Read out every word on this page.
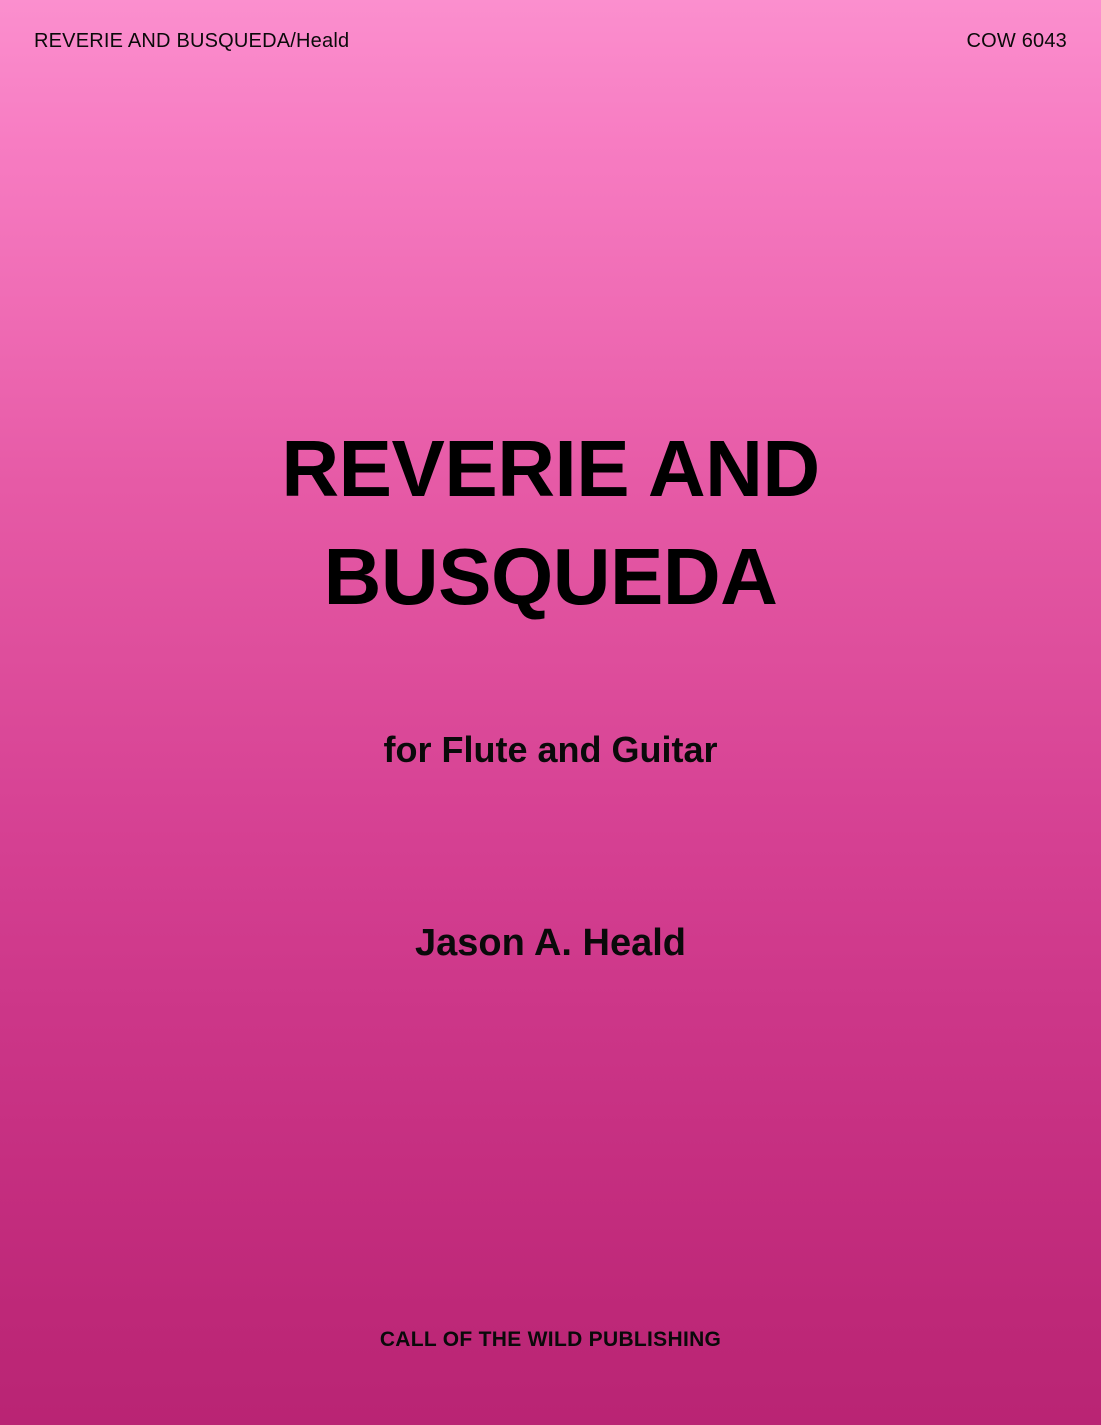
REVERIE AND BUSQUEDA/Heald	COW 6043
REVERIE AND
BUSQUEDA
for Flute and Guitar
Jason A. Heald
CALL OF THE WILD PUBLISHING
